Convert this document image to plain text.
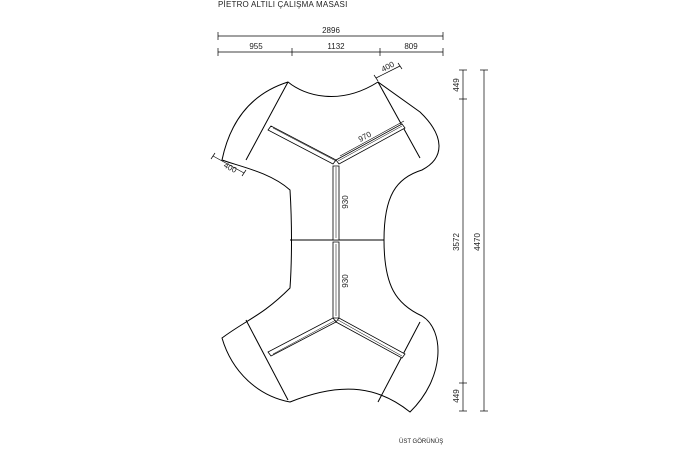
PİETRO ALTILI ÇALIŞMA MASASI
2896
955	1132	809
400
400
970
930
930
449
3572
449
4470
ÜST GÖRÜNÜŞ
